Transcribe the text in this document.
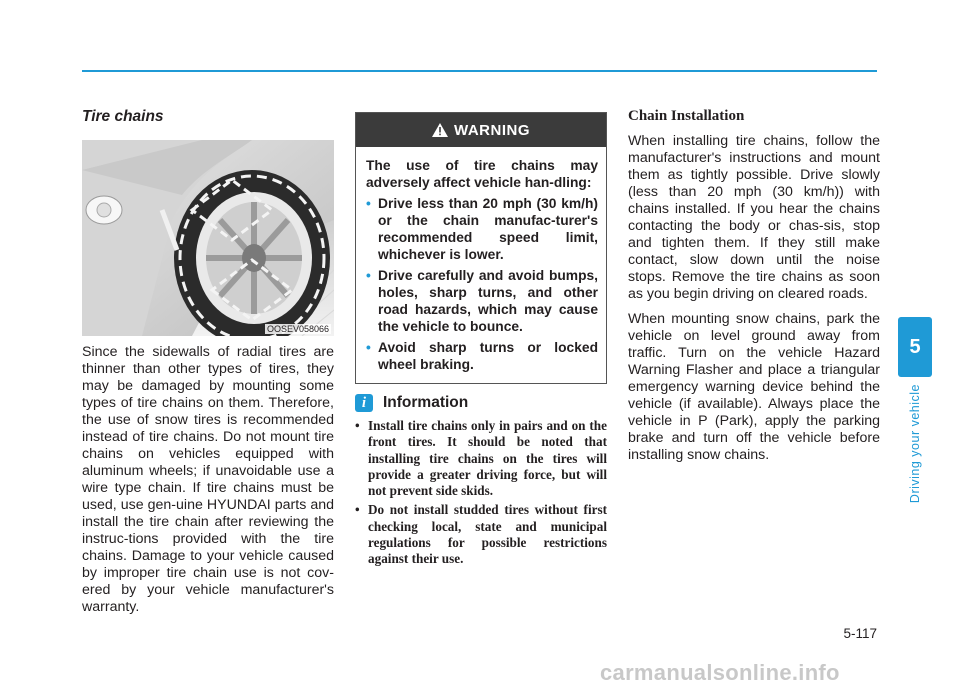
Tire chains
OOSEV058066

Since the sidewalls of radial tires are thinner than other types of tires, they may be damaged by mounting some types of tire chains on them. Therefore, the use of snow tires is recommended instead of tire chains. Do not mount tire chains on vehicles equipped with aluminum wheels; if unavoidable use a wire type chain. If tire chains must be used, use gen-uine HYUNDAI parts and install the tire chain after reviewing the instruc-tions provided with the tire chains. Damage to your vehicle caused by improper tire chain use is not cov-ered by your vehicle manufacturer's warranty.

WARNING

The use of tire chains may adversely affect vehicle han-dling:

• Drive less than 20 mph (30 km/h) or the chain manufac-turer's recommended speed limit, whichever is lower.
• Drive carefully and avoid bumps, holes, sharp turns, and other road hazards, which may cause the vehicle to bounce.
• Avoid sharp turns or locked wheel braking.
i	Information
• Install tire chains only in pairs and on the front tires. It should be noted that installing tire chains on the tires will provide a greater driving force, but will not prevent side skids.
• Do not install studded tires without first checking local, state and municipal regulations for possible restrictions against their use.
Chain Installation

When installing tire chains, follow the manufacturer's instructions and mount them as tightly possible. Drive slowly (less than 20 mph (30 km/h)) with chains installed. If you hear the chains contacting the body or chas-sis, stop and tighten them. If they still make contact, slow down until the noise stops. Remove the tire chains as soon as you begin driving on cleared roads.

When mounting snow chains, park the vehicle on level ground away from traffic. Turn on the vehicle Hazard Warning Flasher and place a triangular emergency warning device behind the vehicle (if available). Always place the vehicle in P (Park), apply the parking brake and turn off the vehicle before installing snow chains.

5
Driving your vehicle
5-117
carmanualsonline.info
